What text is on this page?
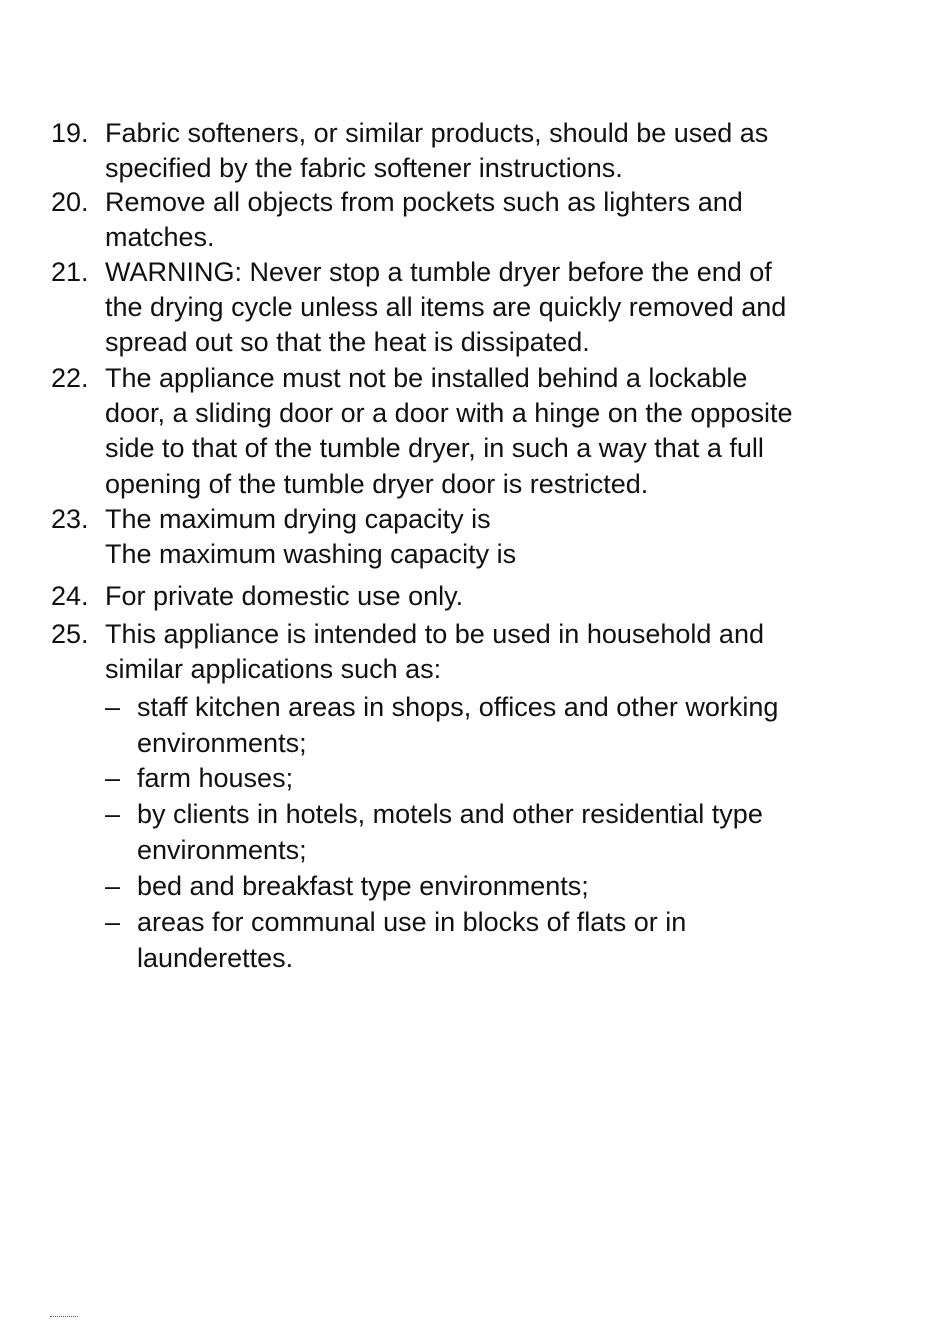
19. Fabric softeners, or similar products, should be used as
specified by the fabric softener instructions.
20. Remove all objects from pockets such as lighters and
matches.
21. WARNING: Never stop a tumble dryer before the end of
the drying cycle unless all items are quickly removed and
spread out so that the heat is dissipated.
22. The appliance must not be installed behind a lockable
door, a sliding door or a door with a hinge on the opposite
side to that of the tumble dryer, in such a way that a full
opening of the tumble dryer door is restricted.
23. The maximum drying capacity is
The maximum washing capacity is
24. For private domestic use only.
25. This appliance is intended to be used in household and
similar applications such as:
– staff kitchen areas in shops, offices and other working
environments;
– farm houses;
– by clients in hotels, motels and other residential type
environments;
– bed and breakfast type environments;
– areas for communal use in blocks of flats or in
launderettes.
